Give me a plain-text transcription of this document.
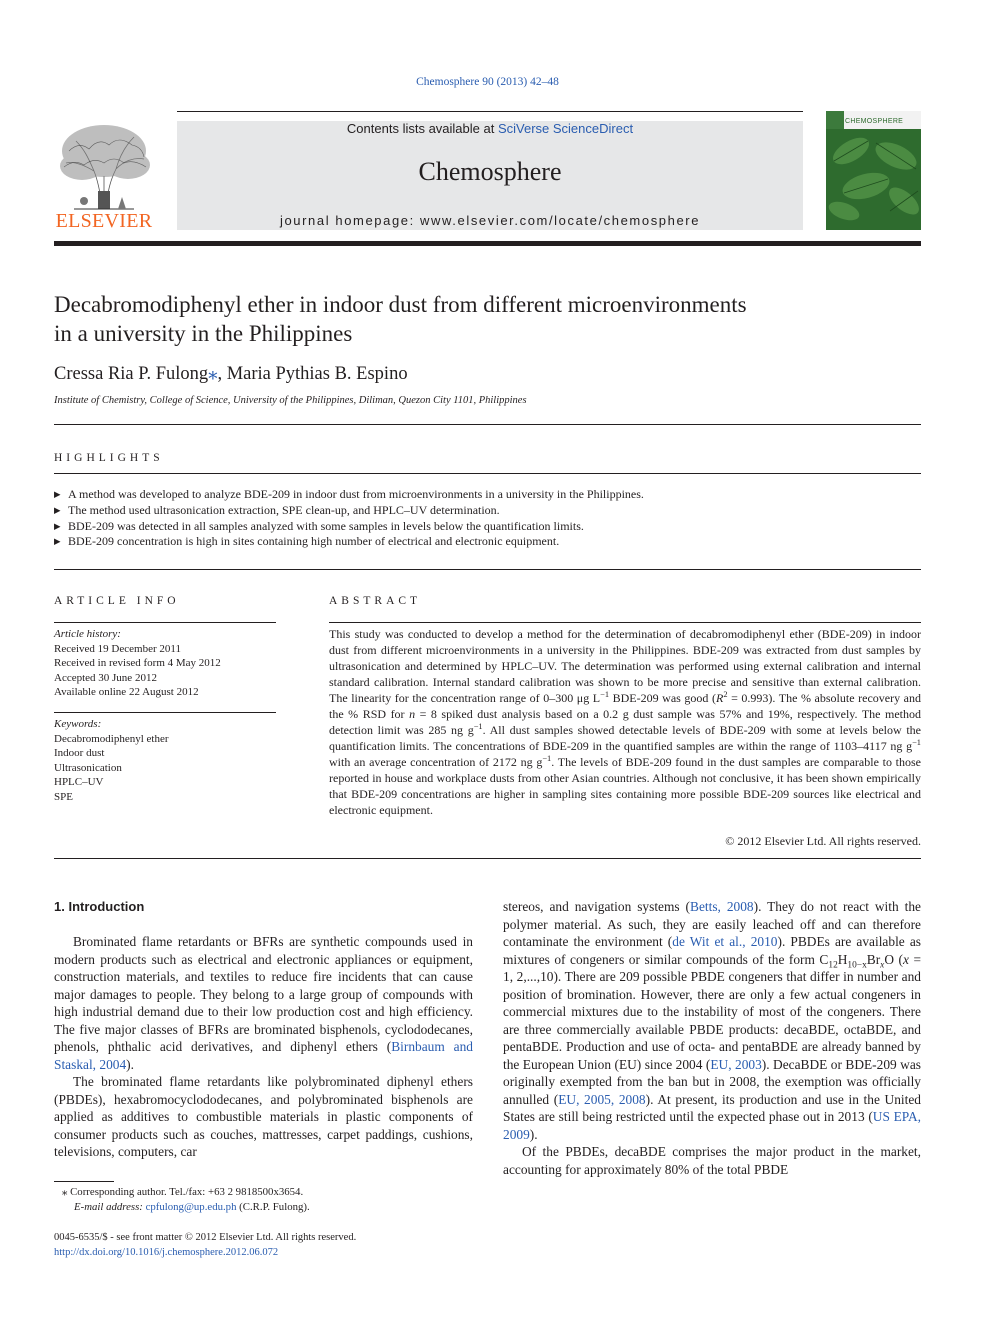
Chemosphere 90 (2013) 42–48
ELSEVIER
Contents lists available at SciVerse ScienceDirect
Chemosphere
journal homepage: www.elsevier.com/locate/chemosphere
CHEMOSPHERE
Decabromodiphenyl ether in indoor dust from different microenvironments
in a university in the Philippines
Cressa Ria P. Fulong⁎, Maria Pythias B. Espino
Institute of Chemistry, College of Science, University of the Philippines, Diliman, Quezon City 1101, Philippines
HIGHLIGHTS
▶ A method was developed to analyze BDE-209 in indoor dust from microenvironments in a university in the Philippines.
▶ The method used ultrasonication extraction, SPE clean-up, and HPLC–UV determination.
▶ BDE-209 was detected in all samples analyzed with some samples in levels below the quantification limits.
▶ BDE-209 concentration is high in sites containing high number of electrical and electronic equipment.
ARTICLE INFO
Article history:
Received 19 December 2011
Received in revised form 4 May 2012
Accepted 30 June 2012
Available online 22 August 2012
Keywords:
Decabromodiphenyl ether
Indoor dust
Ultrasonication
HPLC–UV
SPE
ABSTRACT
This study was conducted to develop a method for the determination of decabromodiphenyl ether (BDE-209) in indoor dust from different microenvironments in a university in the Philippines. BDE-209 was extracted from dust samples by ultrasonication and determined by HPLC–UV. The determination was performed using external calibration and internal standard calibration. Internal standard calibration was shown to be more precise and sensitive than external calibration. The linearity for the concentration range of 0–300 μg $L^{-1}$ BDE-209 was good $(R^2 = 0.993)$. The % absolute recovery and the % RSD for n = 8 spiked dust analysis based on a 0.2 g dust sample was 57% and 19%, respectively. The method detection limit was 285 ng $g^{-1}$. All dust samples showed detectable levels of BDE-209 with some at levels below the quantification limits. The concentrations of BDE-209 in the quantified samples are within the range of 1103–4117 ng $g^{-1}$ with an average concentration of 2172 ng $g^{-1}$. The levels of BDE-209 found in the dust samples are comparable to those reported in house and workplace dusts from other Asian countries. Although not conclusive, it has been shown empirically that BDE-209 concentrations are higher in sampling sites containing more possible BDE-209 sources like electrical and electronic equipment.
© 2012 Elsevier Ltd. All rights reserved.
1. Introduction

Brominated flame retardants or BFRs are synthetic compounds used in modern products such as electrical and electronic appliances or equipment, construction materials, and textiles to reduce fire incidents that can cause major damages to people. They belong to a large group of compounds with high industrial demand due to their low production cost and high efficiency. The five major classes of BFRs are brominated bisphenols, cyclododecanes, phenols, phthalic acid derivatives, and diphenyl ethers (Birnbaum and Staskal, 2004).

The brominated flame retardants like polybrominated diphenyl ethers (PBDEs), hexabromocyclododecanes, and polybrominated bisphenols are applied as additives to combustible materials in plastic components of consumer products such as couches, mattresses, carpet paddings, cushions, televisions, computers, car

stereos, and navigation systems (Betts, 2008). They do not react with the polymer material. As such, they are easily leached off and can therefore contaminate the environment (de Wit et al., 2010). PBDEs are available as mixtures of congeners or similar compounds of the form $C_{12}H_{10-x}Br_xO$ (x = 1, 2,...,10). There are 209 possible PBDE congeners that differ in number and position of bromination. However, there are only a few actual congeners in commercial mixtures due to the instability of most of the congeners. There are three commercially available PBDE products: decaBDE, octaBDE, and pentaBDE. Production and use of octa- and pentaBDE are already banned by the European Union (EU) since 2004 (EU, 2003). DecaBDE or BDE-209 was originally exempted from the ban but in 2008, the exemption was officially annulled (EU, 2005, 2008). At present, its production and use in the United States are still being restricted until the expected phase out in 2013 (US EPA, 2009).

Of the PBDEs, decaBDE comprises the major product in the market, accounting for approximately 80% of the total PBDE

⁎ Corresponding author. Tel./fax: +63 2 9818500x3654.
E-mail address: cpfulong@up.edu.ph (C.R.P. Fulong).
0045-6535/$ - see front matter © 2012 Elsevier Ltd. All rights reserved.
http://dx.doi.org/10.1016/j.chemosphere.2012.06.072
